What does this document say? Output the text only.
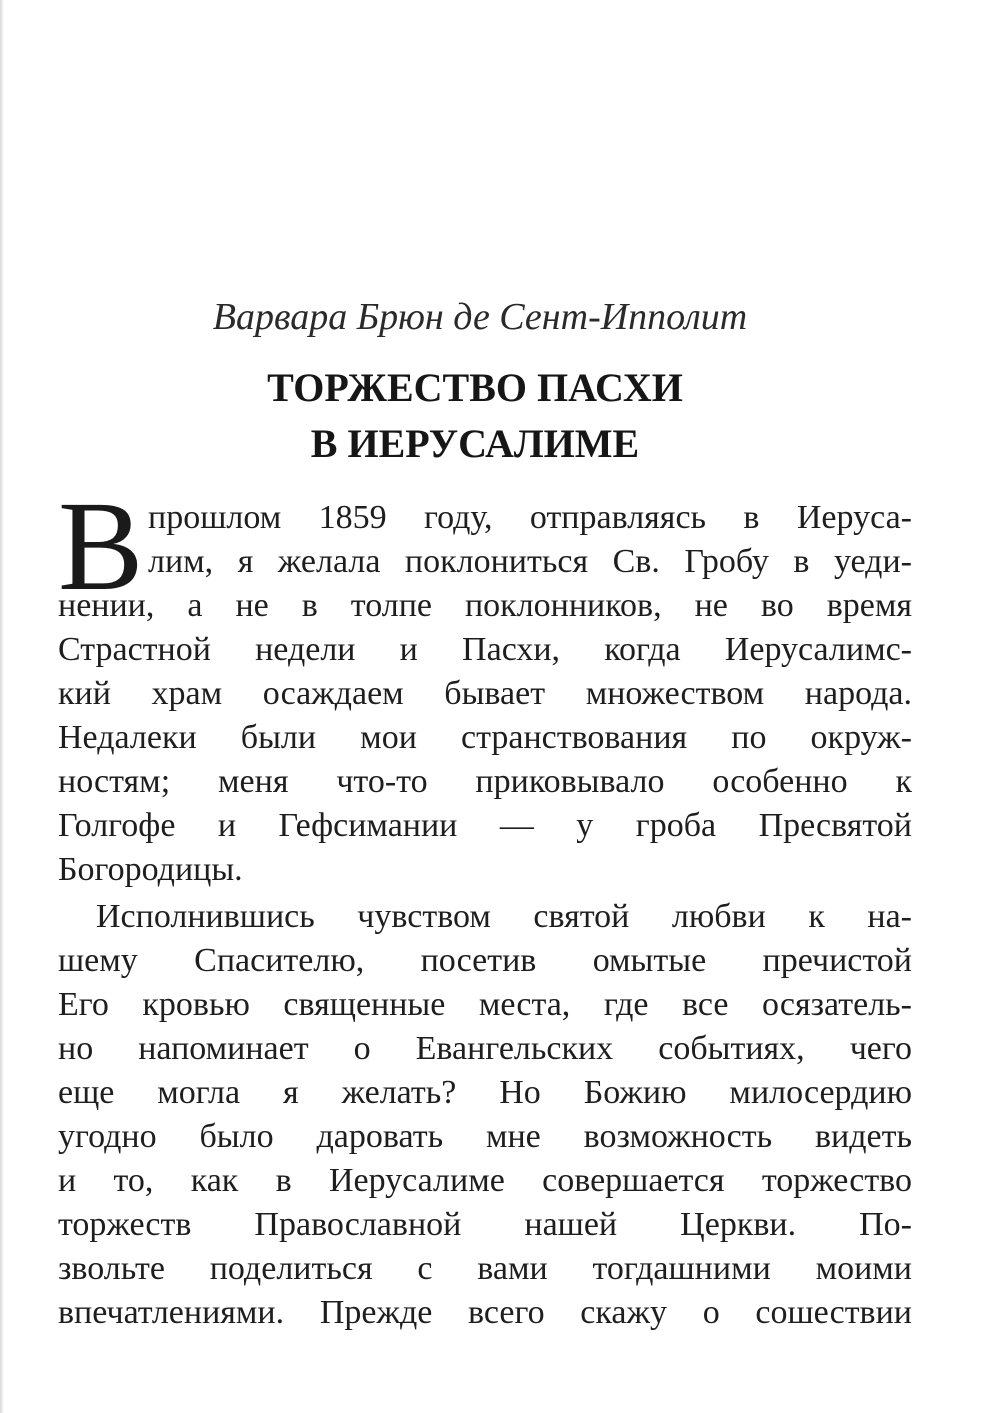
Варвара Брюн де Сент-Ипполит
ТОРЖЕСТВО ПАСХИ
В ИЕРУСАЛИМЕ
В прошлом 1859 году, отправляясь в Иеруса-
лим, я желала поклониться Св. Гробу в уеди-
нении, а не в толпе поклонников, не во время
Страстной недели и Пасхи, когда Иерусалимс-
кий храм осаждаем бывает множеством народа.
Недалеки были мои странствования по окруж-
ностям; меня что-то приковывало особенно к
Голгофе и Гефсимании — у гроба Пресвятой
Богородицы.
Исполнившись чувством святой любви к на-
шему Спасителю, посетив омытые пречистой
Его кровью священные места, где все осязатель-
но напоминает о Евангельских событиях, чего
еще могла я желать? Но Божию милосердию
угодно было даровать мне возможность видеть
и то, как в Иерусалиме совершается торжество
торжеств Православной нашей Церкви. По-
звольте поделиться с вами тогдашними моими
впечатлениями. Прежде всего скажу о сошествии
